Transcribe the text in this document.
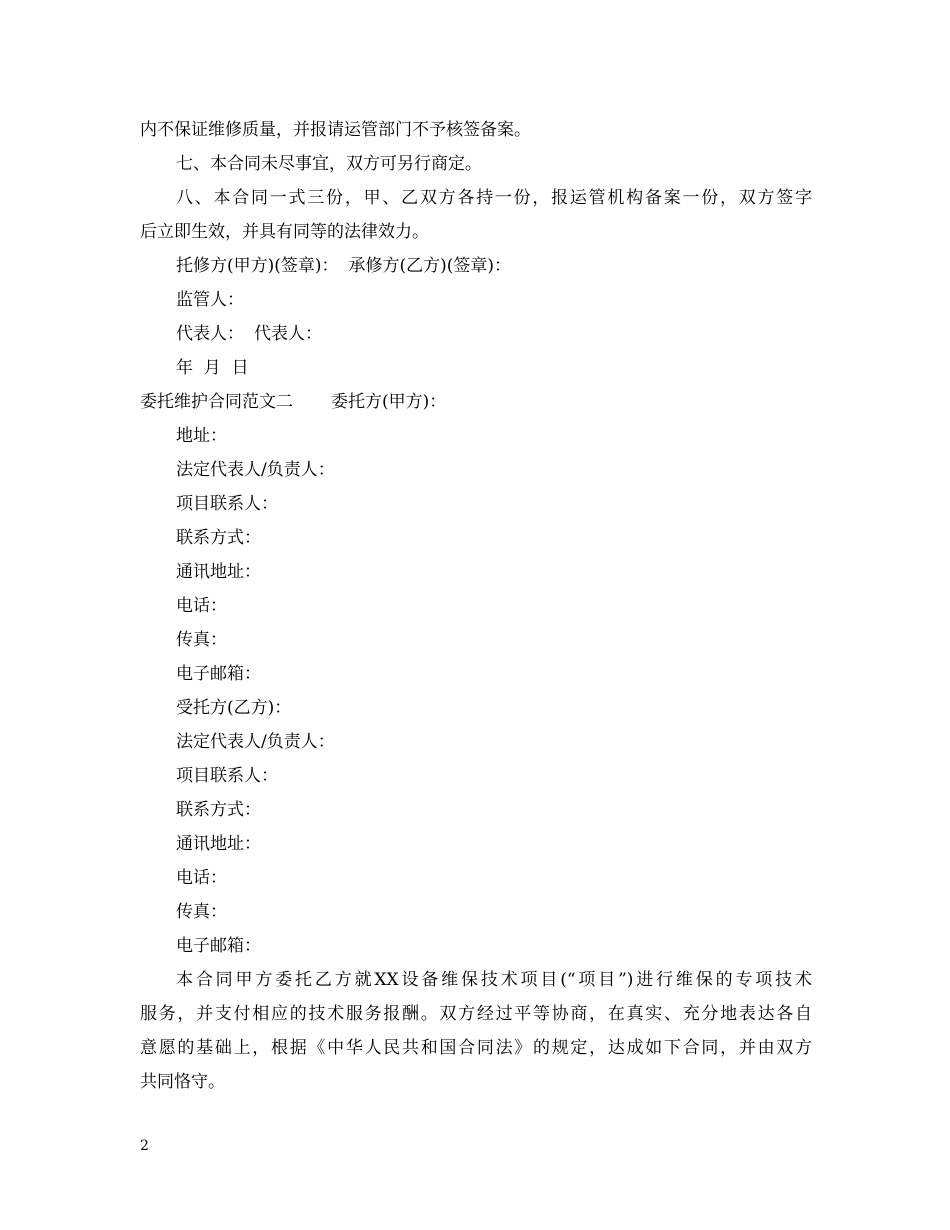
内不保证维修质量，并报请运管部门不予核签备案。
七、本合同未尽事宜，双方可另行商定。
八、本合同一式三份，甲、乙双方各持一份，报运管机构备案一份，双方签字
后立即生效，并具有同等的法律效力。
托修方(甲方)(签章)： 承修方(乙方)(签章)：
监管人：
代表人： 代表人：
年  月  日
委托维护合同范文二 委托方(甲方)：
地址：
法定代表人/负责人：
项目联系人：
联系方式：
通讯地址：
电话：
传真：
电子邮箱：
受托方(乙方)：
法定代表人/负责人：
项目联系人：
联系方式：
通讯地址：
电话：
传真：
电子邮箱：
本合同甲方委托乙方就XX设备维保技术项目(“项目”)进行维保的专项技术
服务，并支付相应的技术服务报酬。双方经过平等协商，在真实、充分地表达各自
意愿的基础上，根据《中华人民共和国合同法》的规定，达成如下合同，并由双方
共同恪守。
2
